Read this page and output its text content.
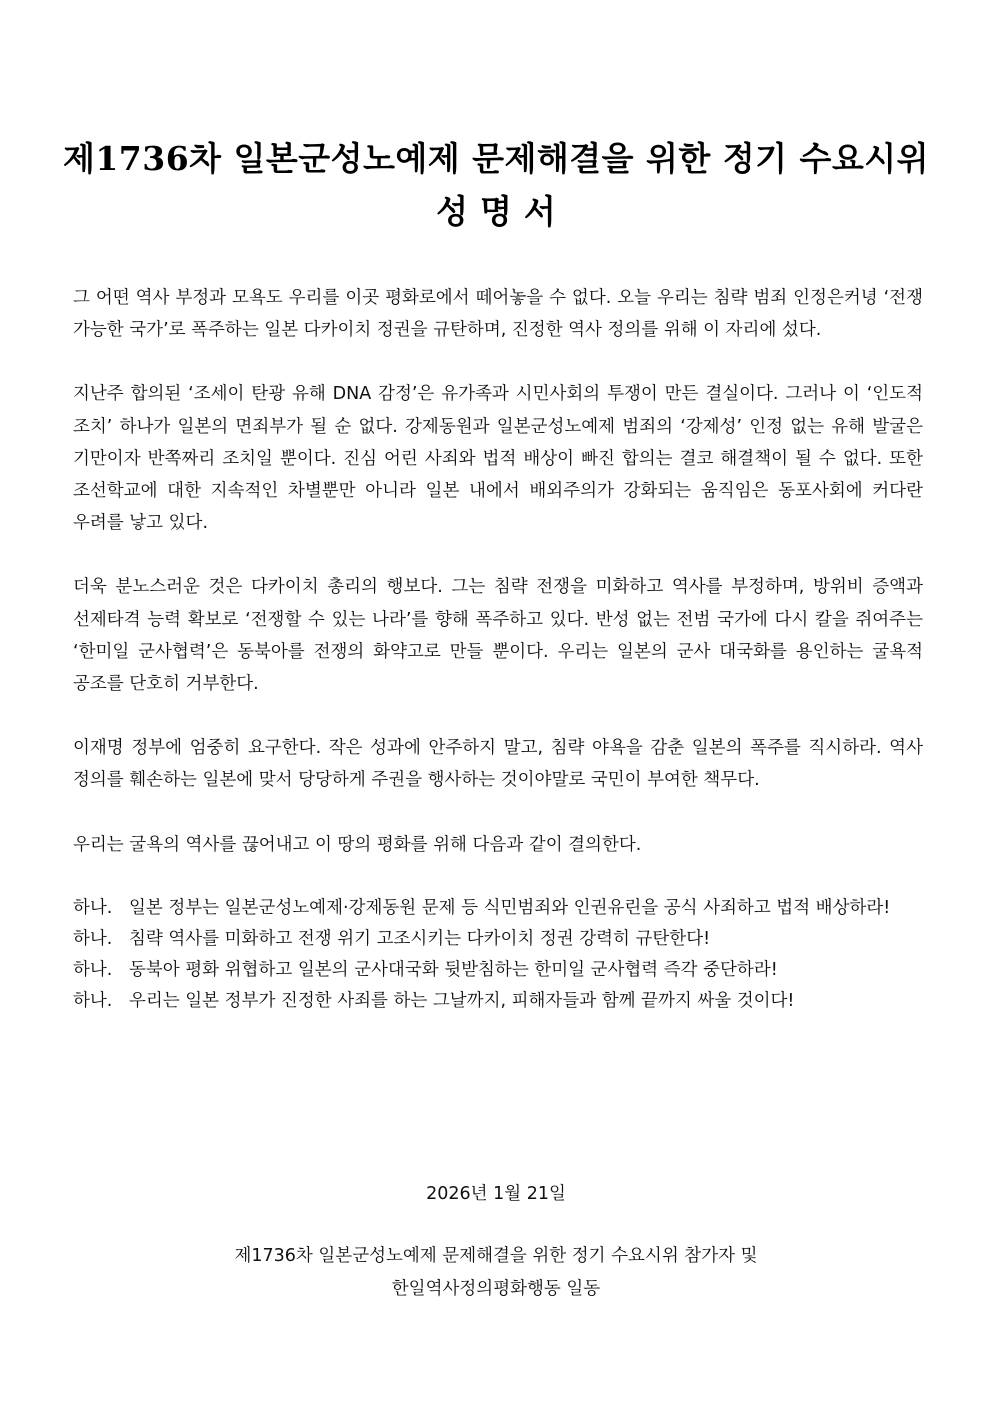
제1736차 일본군성노예제 문제해결을 위한 정기 수요시위
성명서

그 어떤 역사 부정과 모욕도 우리를 이곳 평화로에서 떼어놓을 수 없다. 오늘 우리는 침략 범죄 인정은커녕 ‘전쟁 가능한 국가’로 폭주하는 일본 다카이치 정권을 규탄하며, 진정한 역사 정의를 위해 이 자리에 섰다.

지난주 합의된 ‘조세이 탄광 유해 DNA 감정’은 유가족과 시민사회의 투쟁이 만든 결실이다. 그러나 이 ‘인도적 조치’ 하나가 일본의 면죄부가 될 순 없다. 강제동원과 일본군성노예제 범죄의 ‘강제성’ 인정 없는 유해 발굴은 기만이자 반쪽짜리 조치일 뿐이다. 진심 어린 사죄와 법적 배상이 빠진 합의는 결코 해결책이 될 수 없다. 또한 조선학교에 대한 지속적인 차별뿐만 아니라 일본 내에서 배외주의가 강화되는 움직임은 동포사회에 커다란 우려를 낳고 있다.

더욱 분노스러운 것은 다카이치 총리의 행보다. 그는 침략 전쟁을 미화하고 역사를 부정하며, 방위비 증액과 선제타격 능력 확보로 ‘전쟁할 수 있는 나라’를 향해 폭주하고 있다. 반성 없는 전범 국가에 다시 칼을 쥐여주는 ‘한미일 군사협력’은 동북아를 전쟁의 화약고로 만들 뿐이다. 우리는 일본의 군사 대국화를 용인하는 굴욕적 공조를 단호히 거부한다.

이재명 정부에 엄중히 요구한다. 작은 성과에 안주하지 말고, 침략 야욕을 감춘 일본의 폭주를 직시하라. 역사 정의를 훼손하는 일본에 맞서 당당하게 주권을 행사하는 것이야말로 국민이 부여한 책무다.

우리는 굴욕의 역사를 끊어내고 이 땅의 평화를 위해 다음과 같이 결의한다.

하나. 일본 정부는 일본군성노예제·강제동원 문제 등 식민범죄와 인권유린을 공식 사죄하고 법적 배상하라!
하나. 침략 역사를 미화하고 전쟁 위기 고조시키는 다카이치 정권 강력히 규탄한다!
하나. 동북아 평화 위협하고 일본의 군사대국화 뒷받침하는 한미일 군사협력 즉각 중단하라!
하나. 우리는 일본 정부가 진정한 사죄를 하는 그날까지, 피해자들과 함께 끝까지 싸울 것이다!
2026년 1월 21일
제1736차 일본군성노예제 문제해결을 위한 정기 수요시위 참가자 및
한일역사정의평화행동 일동
